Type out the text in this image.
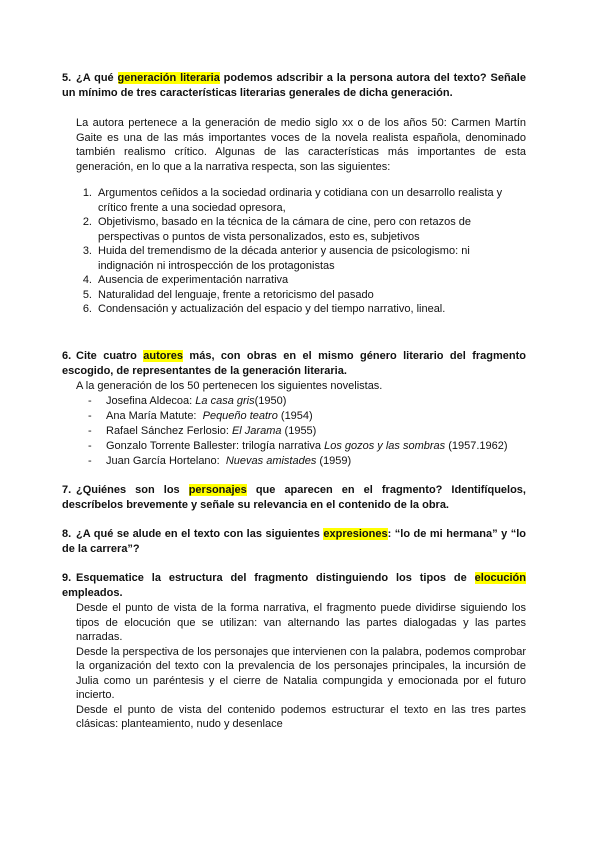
5. ¿A qué generación literaria podemos adscribir a la persona autora del texto? Señale un mínimo de tres características literarias generales de dicha generación.

La autora pertenece a la generación de medio siglo xx o de los años 50: Carmen Martín Gaite es una de las más importantes voces de la novela realista española, denominado también realismo crítico. Algunas de las características más importantes de esta generación, en lo que a la narrativa respecta, son las siguientes:

1. Argumentos ceñidos a la sociedad ordinaria y cotidiana con un desarrollo realista y crítico frente a una sociedad opresora,
2. Objetivismo, basado en la técnica de la cámara de cine, pero con retazos de perspectivas o puntos de vista personalizados, esto es, subjetivos
3. Huida del tremendismo de la década anterior y ausencia de psicologismo: ni indignación ni introspección de los protagonistas
4. Ausencia de experimentación narrativa
5. Naturalidad del lenguaje, frente a retoricismo del pasado
6. Condensación y actualización del espacio y del tiempo narrativo, lineal.

6. Cite cuatro autores más, con obras en el mismo género literario del fragmento escogido, de representantes de la generación literaria.

A la generación de los 50 pertenecen los siguientes novelistas.

- Josefina Aldecoa: La casa gris(1950)
- Ana María Matute:  Pequeño teatro (1954)
- Rafael Sánchez Ferlosio: El Jarama (1955)
- Gonzalo Torrente Ballester: trilogía narrativa Los gozos y las sombras (1957.1962)
- Juan García Hortelano:  Nuevas amistades (1959)

7. ¿Quiénes son los personajes que aparecen en el fragmento? Identifíquelos, descríbelos brevemente y señale su relevancia en el contenido de la obra.

8. ¿A qué se alude en el texto con las siguientes expresiones: “lo de mi hermana” y “lo de la carrera”?

9. Esquematice la estructura del fragmento distinguiendo los tipos de elocución empleados.

Desde el punto de vista de la forma narrativa, el fragmento puede dividirse siguiendo los tipos de elocución que se utilizan: van alternando las partes dialogadas y las partes narradas.

Desde la perspectiva de los personajes que intervienen con la palabra, podemos comprobar la organización del texto con la prevalencia de los personajes principales, la incursión de Julia como un paréntesis y el cierre de Natalia compungida y emocionada por el futuro incierto.

Desde el punto de vista del contenido podemos estructurar el texto en las tres partes clásicas: planteamiento, nudo y desenlace
